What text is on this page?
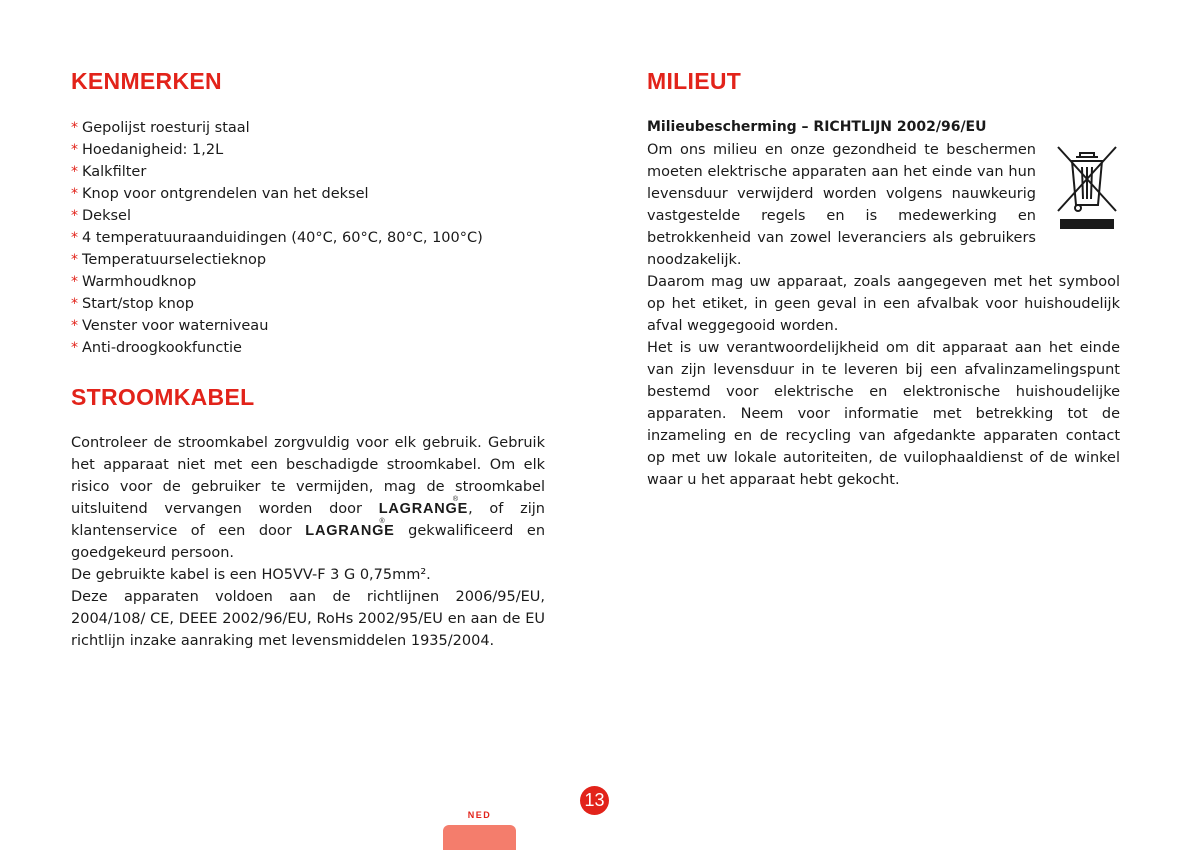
KENMERKEN
* Gepolijst roesturij staal
* Hoedanigheid: 1,2L
* Kalkfilter
* Knop voor ontgrendelen van het deksel
* Deksel
* 4 temperatuuraanduidingen (40°C, 60°C, 80°C, 100°C)
* Temperatuurselectieknop
* Warmhoudknop
* Start/stop knop
* Venster voor waterniveau
* Anti-droogkookfunctie
STROOMKABEL

Controleer de stroomkabel zorgvuldig voor elk gebruik. Gebruik het apparaat niet met een beschadigde stroomkabel. Om elk risico voor de gebruiker te vermijden, mag de stroomkabel uitsluitend vervangen worden door LAGRANGE
®
, of zijn klantenservice of een door LAGRANGE
®
gekwalificeerd en goedgekeurd persoon.

De gebruikte kabel is een HO5VV-F 3 G 0,75mm².

Deze apparaten voldoen aan de richtlijnen 2006/95/EU, 2004/108/ CE, DEEE 2002/96/EU, RoHs 2002/95/EU en aan de EU richtlijn inzake aanraking met levensmiddelen 1935/2004.

MILIEUT
Milieubescherming – RICHTLIJN 2002/96/EU

Om ons milieu en onze gezondheid te beschermen moeten elektrische apparaten aan het einde van hun levensduur verwijderd worden volgens nauwkeurig vastgestelde regels en is medewerking en betrokkenheid van zowel leveranciers als gebruikers noodzakelijk.

Daarom mag uw apparaat, zoals aangegeven met het symbool op het etiket, in geen geval in een afvalbak voor huishoudelijk afval weggegooid worden.

Het is uw verantwoordelijkheid om dit apparaat aan het einde van zijn levensduur in te leveren bij een afvalinzamelingspunt bestemd voor elektrische en elektronische huishoudelijke apparaten. Neem voor informatie met betrekking tot de inzameling en de recycling van afgedankte apparaten contact op met uw lokale autoriteiten, de vuilophaaldienst of de winkel waar u het apparaat hebt gekocht.

13
NED
